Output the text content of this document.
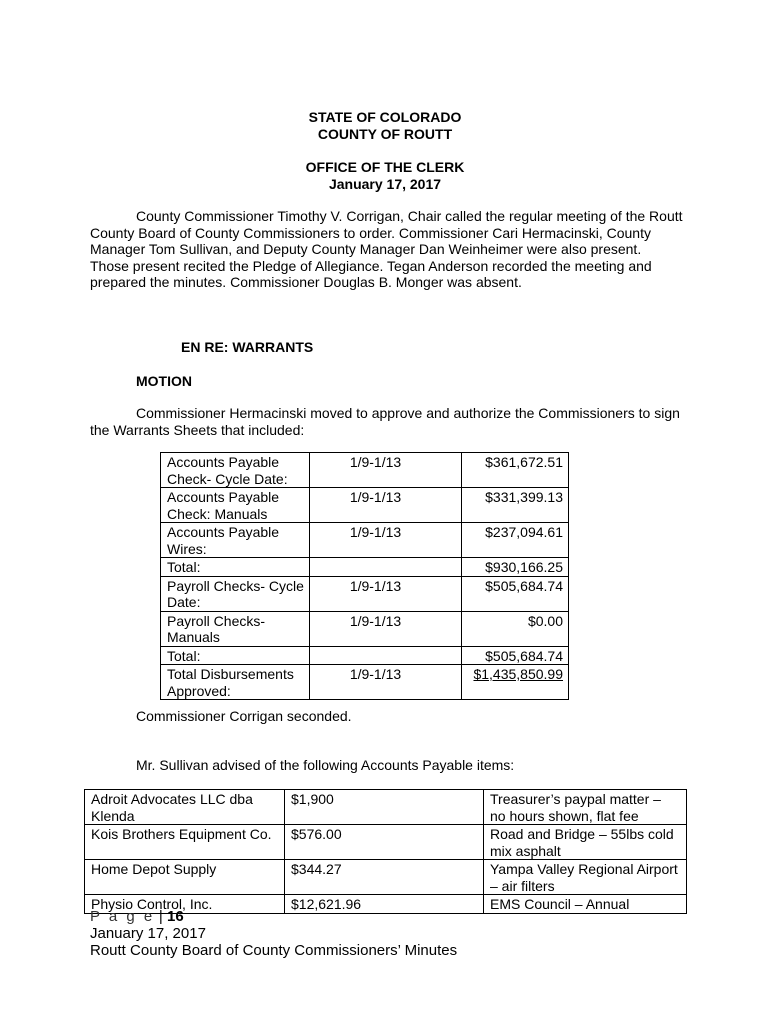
STATE OF COLORADO
COUNTY OF ROUTT
OFFICE OF THE CLERK
January 17, 2017
County Commissioner Timothy V. Corrigan, Chair called the regular meeting of the Routt
County Board of County Commissioners to order. Commissioner Cari Hermacinski, County
Manager Tom Sullivan, and Deputy County Manager Dan Weinheimer were also present.
Those present recited the Pledge of Allegiance. Tegan Anderson recorded the meeting and
prepared the minutes. Commissioner Douglas B. Monger was absent.
EN RE: WARRANTS
MOTION
Commissioner Hermacinski moved to approve and authorize the Commissioners to sign
the Warrants Sheets that included:
Accounts Payable Check- Cycle Date:	1/9-1/13	$361,672.51
Accounts Payable Check: Manuals	1/9-1/13	$331,399.13
Accounts Payable Wires:	1/9-1/13	$237,094.61
Total:		$930,166.25
Payroll Checks- Cycle Date:	1/9-1/13	$505,684.74
Payroll Checks- Manuals	1/9-1/13	$0.00
Total:		$505,684.74
Total Disbursements Approved:	1/9-1/13	$1,435,850.99
Commissioner Corrigan seconded.
Mr. Sullivan advised of the following Accounts Payable items:
Adroit Advocates LLC dba Klenda	$1,900	Treasurer’s paypal matter – no hours shown, flat fee
Kois Brothers Equipment Co.	$576.00	Road and Bridge – 55lbs cold mix asphalt
Home Depot Supply	$344.27	Yampa Valley Regional Airport – air filters
Physio Control, Inc.	$12,621.96	EMS Council – Annual
P a g e | 16
January 17, 2017
Routt County Board of County Commissioners’ Minutes
